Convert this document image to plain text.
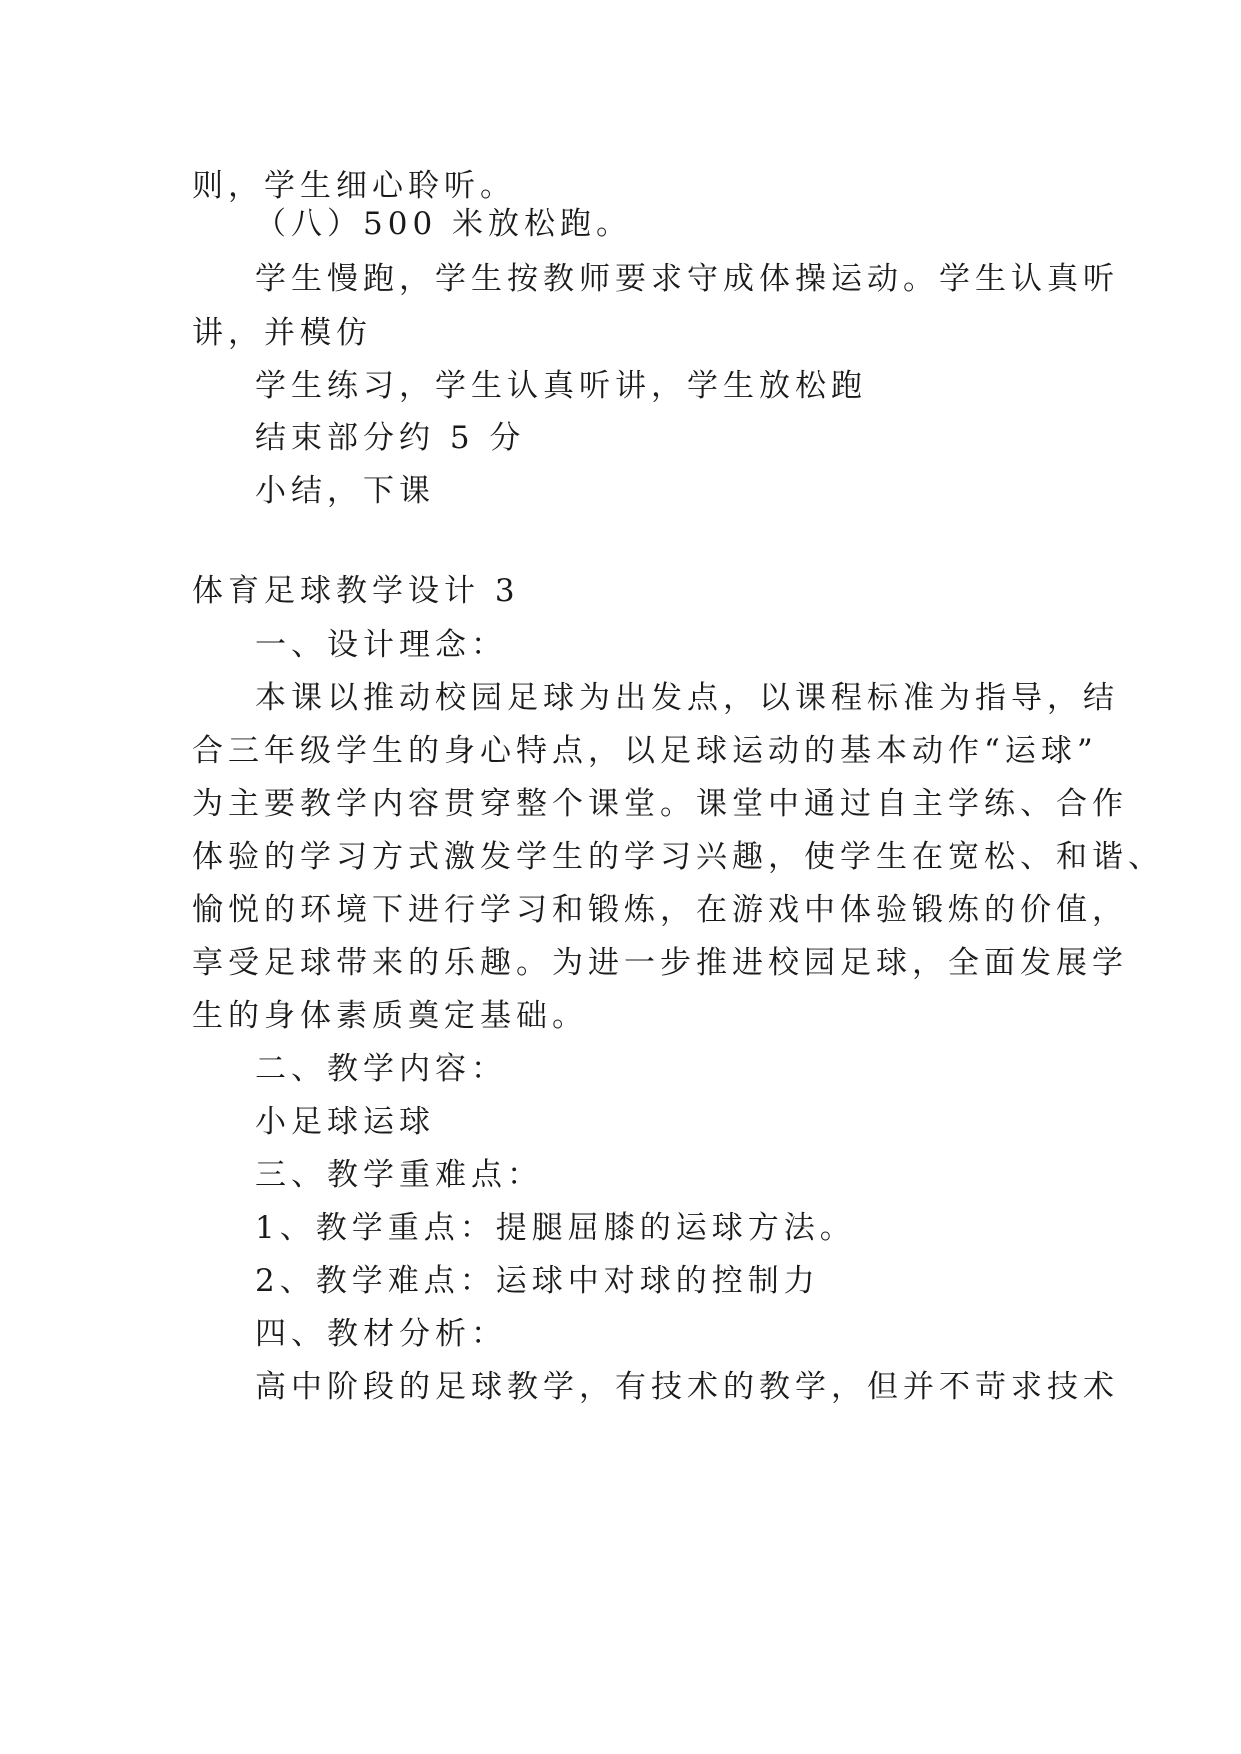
则，学生细心聆听。
（八）500 米放松跑。
学生慢跑，学生按教师要求守成体操运动。学生认真听
讲，并模仿
学生练习，学生认真听讲，学生放松跑
结束部分约 5 分
小结，下课
体育足球教学设计 3
一、设计理念：
本课以推动校园足球为出发点，以课程标准为指导，结
合三年级学生的身心特点，以足球运动的基本动作“运球”
为主要教学内容贯穿整个课堂。课堂中通过自主学练、合作
体验的学习方式激发学生的学习兴趣，使学生在宽松、和谐、
愉悦的环境下进行学习和锻炼，在游戏中体验锻炼的价值，
享受足球带来的乐趣。为进一步推进校园足球，全面发展学
生的身体素质奠定基础。
二、教学内容：
小足球运球
三、教学重难点：
1、教学重点：提腿屈膝的运球方法。
2、教学难点：运球中对球的控制力
四、教材分析：
高中阶段的足球教学，有技术的教学，但并不苛求技术
